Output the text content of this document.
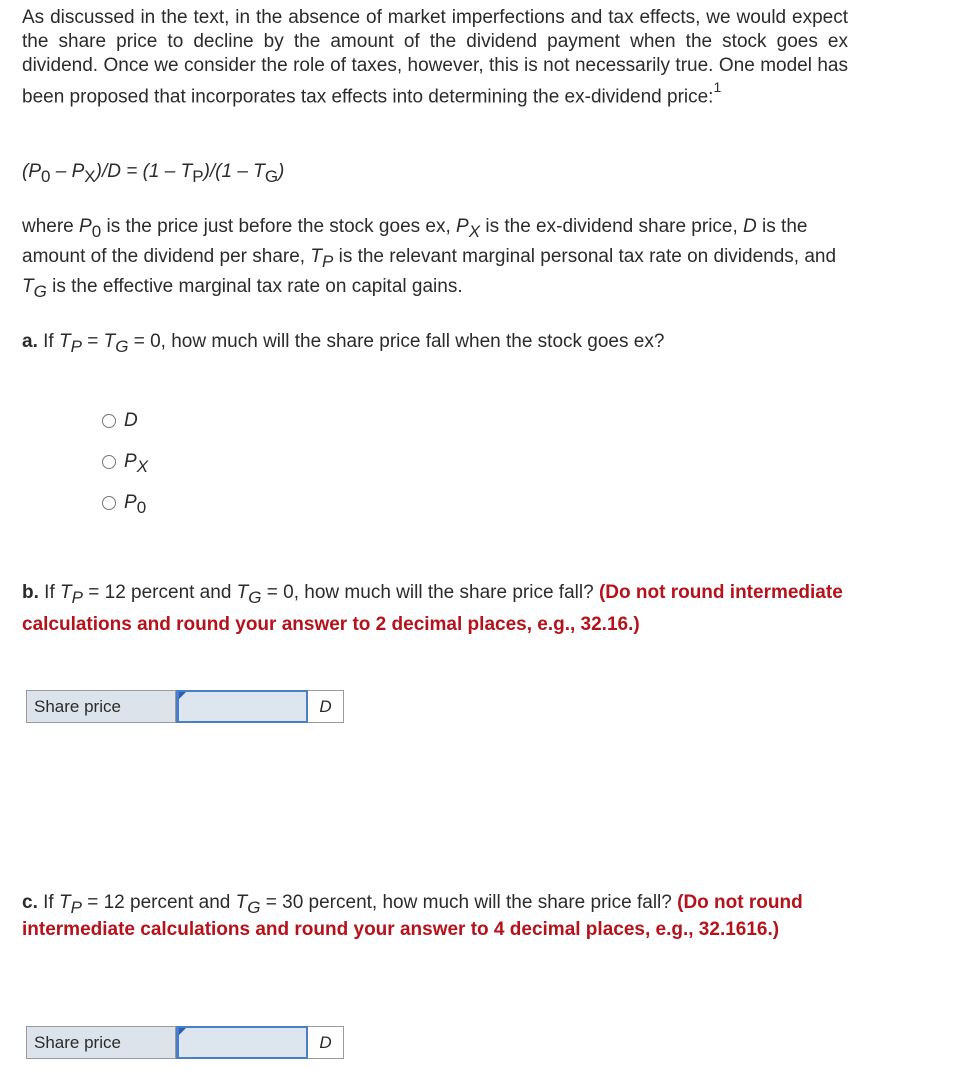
As discussed in the text, in the absence of market imperfections and tax effects, we would expect the share price to decline by the amount of the dividend payment when the stock goes ex dividend. Once we consider the role of taxes, however, this is not necessarily true. One model has been proposed that incorporates tax effects into determining the ex-dividend price:$^1$

(P0 – PX)/D = (1 – TP)/(1 – TG)

where P0 is the price just before the stock goes ex, PX is the ex-dividend share price, D is the amount of the dividend per share, TP is the relevant marginal personal tax rate on dividends, and TG is the effective marginal tax rate on capital gains.

a. If TP = TG = 0, how much will the share price fall when the stock goes ex?

D
P X
P 0

b. If TP = 12 percent and TG = 0, how much will the share price fall? (Do not round intermediate calculations and round your answer to 2 decimal places, e.g., 32.16.)

Share price	D

c. If TP = 12 percent and TG = 30 percent, how much will the share price fall? (Do not round intermediate calculations and round your answer to 4 decimal places, e.g., 32.1616.)

Share price	D
